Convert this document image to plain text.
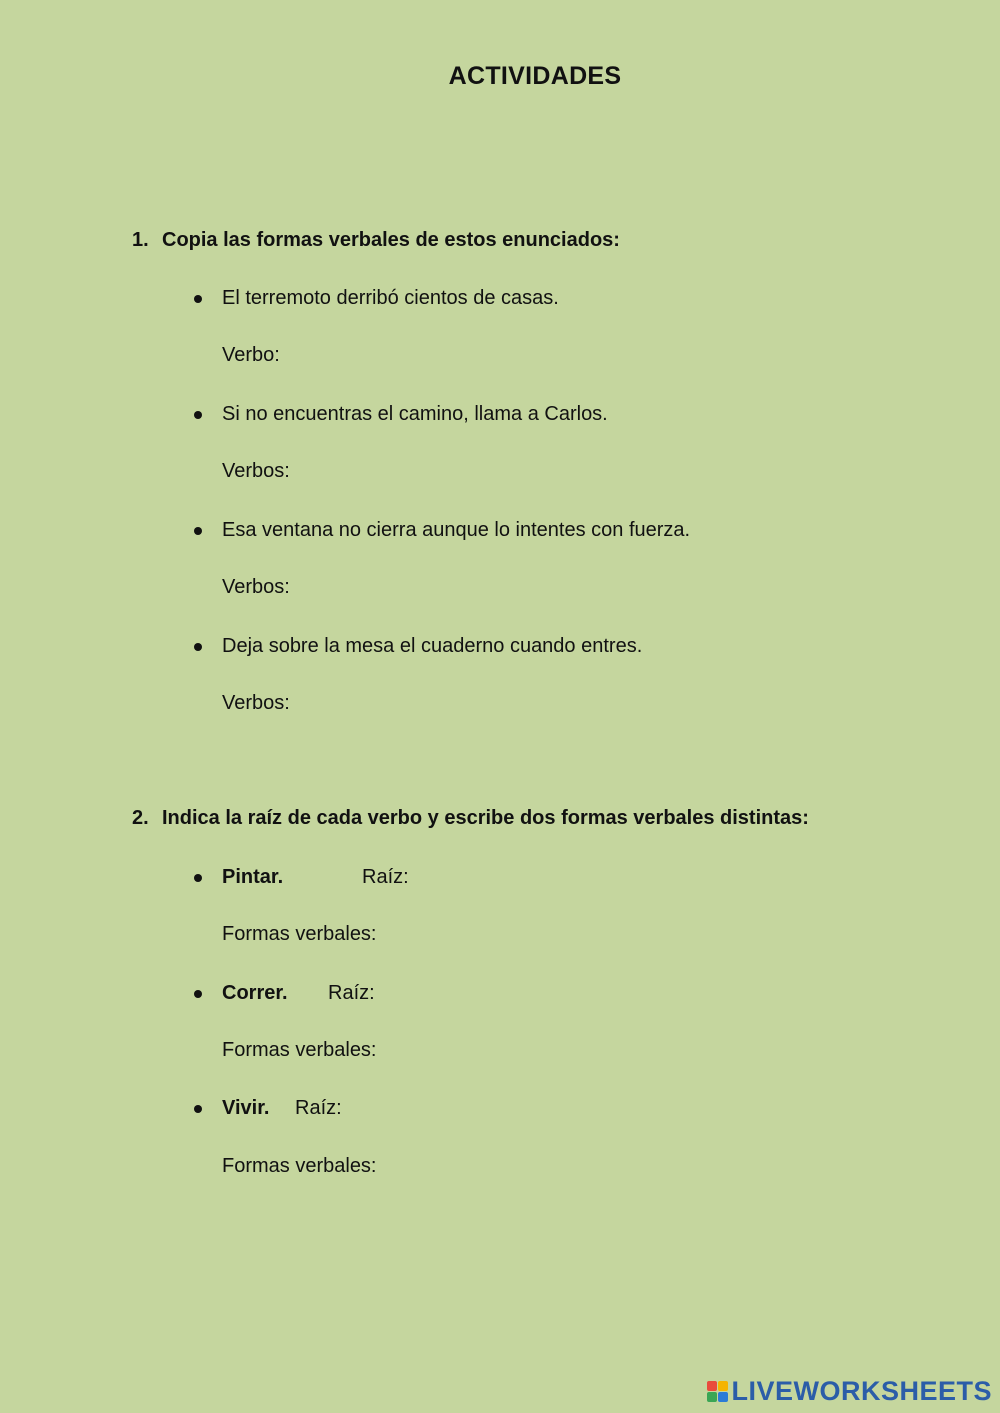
ACTIVIDADES
1. Copia las formas verbales de estos enunciados:
El terremoto derribó cientos de casas.
Verbo:
Si no encuentras el camino, llama a Carlos.
Verbos:
Esa ventana no cierra aunque lo intentes con fuerza.
Verbos:
Deja sobre la mesa el cuaderno cuando entres.
Verbos:
2. Indica la raíz de cada verbo y escribe dos formas verbales distintas:
Pintar.	Raíz:
Formas verbales:
Correr. Raíz:
Formas verbales:
Vivir. Raíz:
Formas verbales:
LIVEWORKSHEETS
